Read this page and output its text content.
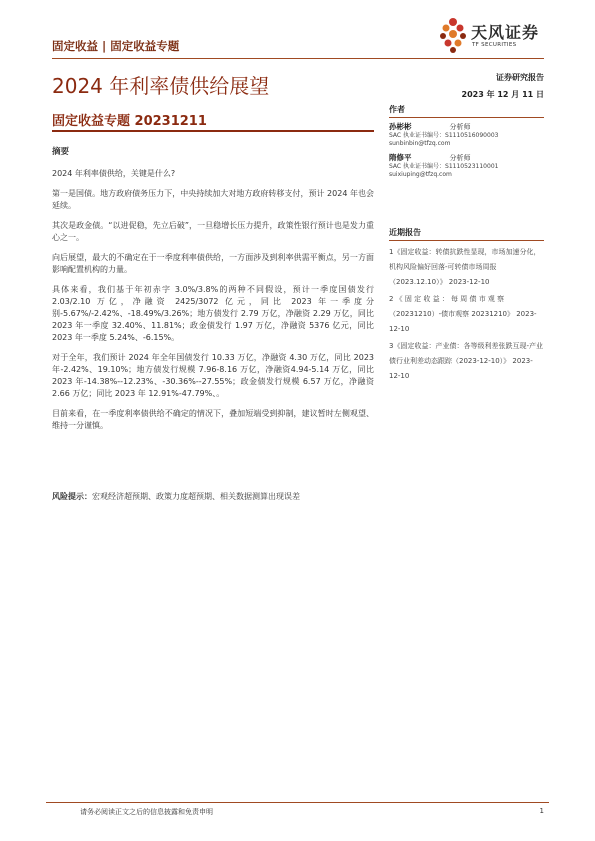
固定收益 | 固定收益专题
天风证券
TF SECURITIES
2024 年利率债供给展望	证券研究报告
2023 年 12 月 11 日
固定收益专题 20231211
摘要

2024 年利率债供给，关键是什么?

第一是国债。地方政府债务压力下，中央持续加大对地方政府转移支付，预计 2024 年也会延续。

其次是政金债。“以进促稳，先立后破”，一旦稳增长压力提升，政策性银行预计也是发力重心之一。

向后展望，最大的不确定在于一季度利率债供给，一方面涉及到利率供需平衡点，另一方面影响配置机构的力量。

具体来看，我们基于年初赤字 3.0%/3.8%的两种不同假设，预计一季度国债发行 2.03/2.10 万亿，净融资 2425/3072 亿元，同比 2023 年一季度分别-5.67%/-2.42%、-18.49%/3.26%；地方债发行 2.79 万亿，净融资 2.29 万亿，同比 2023 年一季度 32.40%、11.81%；政金债发行 1.97 万亿，净融资 5376 亿元，同比 2023 年一季度 5.24%、-6.15%。

对于全年，我们预计 2024 年全年国债发行 10.33 万亿，净融资 4.30 万亿，同比 2023 年-2.42%、19.10%；地方债发行规模 7.96-8.16 万亿，净融资4.94-5.14 万亿，同比 2023 年-14.38%--12.23%、-30.36%--27.55%；政金债发行规模 6.57 万亿，净融资 2.66 万亿；同比 2023 年 12.91%-47.79%、。

目前来看，在一季度利率债供给不确定的情况下，叠加短端受到抑制，建议暂时左侧观望、维持一分谨慎。

风险提示：宏观经济超预期、政策力度超预期、相关数据测算出现误差
作者
孙彬彬	分析师
SAC 执业证书编号：S1110516090003
sunbinbin@tfzq.com
隋修平	分析师
SAC 执业证书编号：S1110523110001
suixiuping@tfzq.com
近期报告
1《固定收益：转债抗跌性显现，市场加速分化，机构风险偏好回落-可转债市场周报（2023.12.10）》 2023-12-10
2 《 固 定 收 益 ： 每 周 债 市 观 察（20231210）-债市观察 20231210》 2023-12-10
3《固定收益：产业债：各等级利差张跌互现-产业债行业利差动态跟踪（2023-12-10）》 2023-12-10
请务必阅读正文之后的信息披露和免责申明	1
